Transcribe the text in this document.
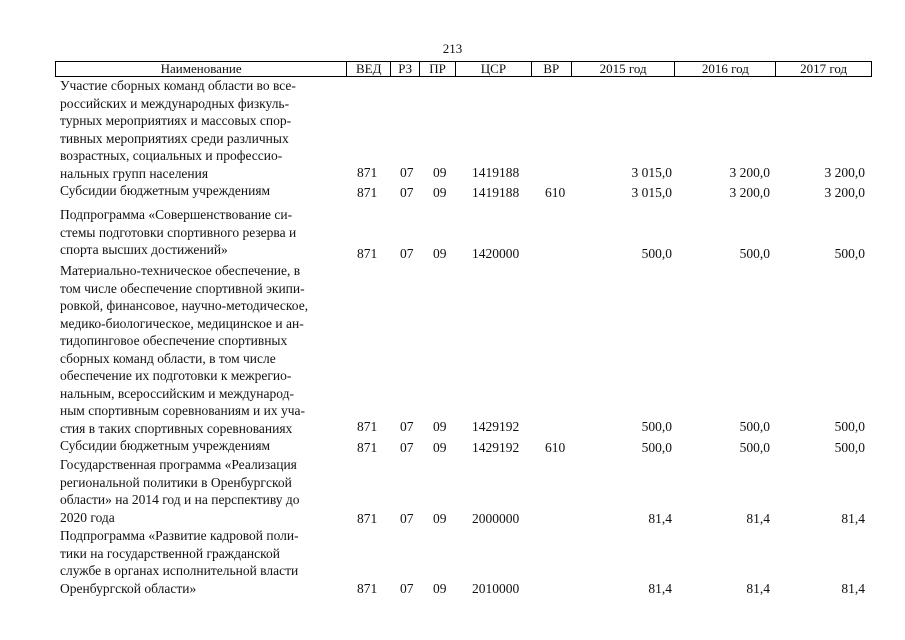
213
Наименование	ВЕД	РЗ	ПР	ЦСР	ВР	2015 год	2016 год	2017 год
Участие сборных команд области во все-
российских и международных физкуль-
турных мероприятиях и массовых спор-
тивных мероприятиях среди различных
возрастных, социальных и профессио-
нальных групп населения	871 07 09 1419188	3 015,0	3 200,0	3 200,0
Субсидии бюджетным учреждениям	871 07 09 1419188 610	3 015,0	3 200,0	3 200,0
Подпрограмма «Совершенствование си-
стемы подготовки спортивного резерва и
спорта высших достижений»	871 07 09 1420000	500,0	500,0	500,0
Материально-техническое обеспечение, в
том числе обеспечение спортивной экипи-
ровкой, финансовое, научно-методическое,
медико-биологическое, медицинское и ан-
тидопинговое обеспечение спортивных
сборных команд области, в том числе
обеспечение их подготовки к межрегио-
нальным, всероссийским и международ-
ным спортивным соревнованиям и их уча-
стия в таких спортивных соревнованиях	871 07 09 1429192	500,0	500,0	500,0
Субсидии бюджетным учреждениям	871 07 09 1429192 610	500,0	500,0	500,0
Государственная программа «Реализация
региональной политики в Оренбургской
области» на 2014 год и на перспективу до
2020 года	871 07 09 2000000	81,4	81,4	81,4
Подпрограмма «Развитие кадровой поли-
тики на государственной гражданской
службе в органах исполнительной власти
Оренбургской области»	871 07 09 2010000	81,4	81,4	81,4
